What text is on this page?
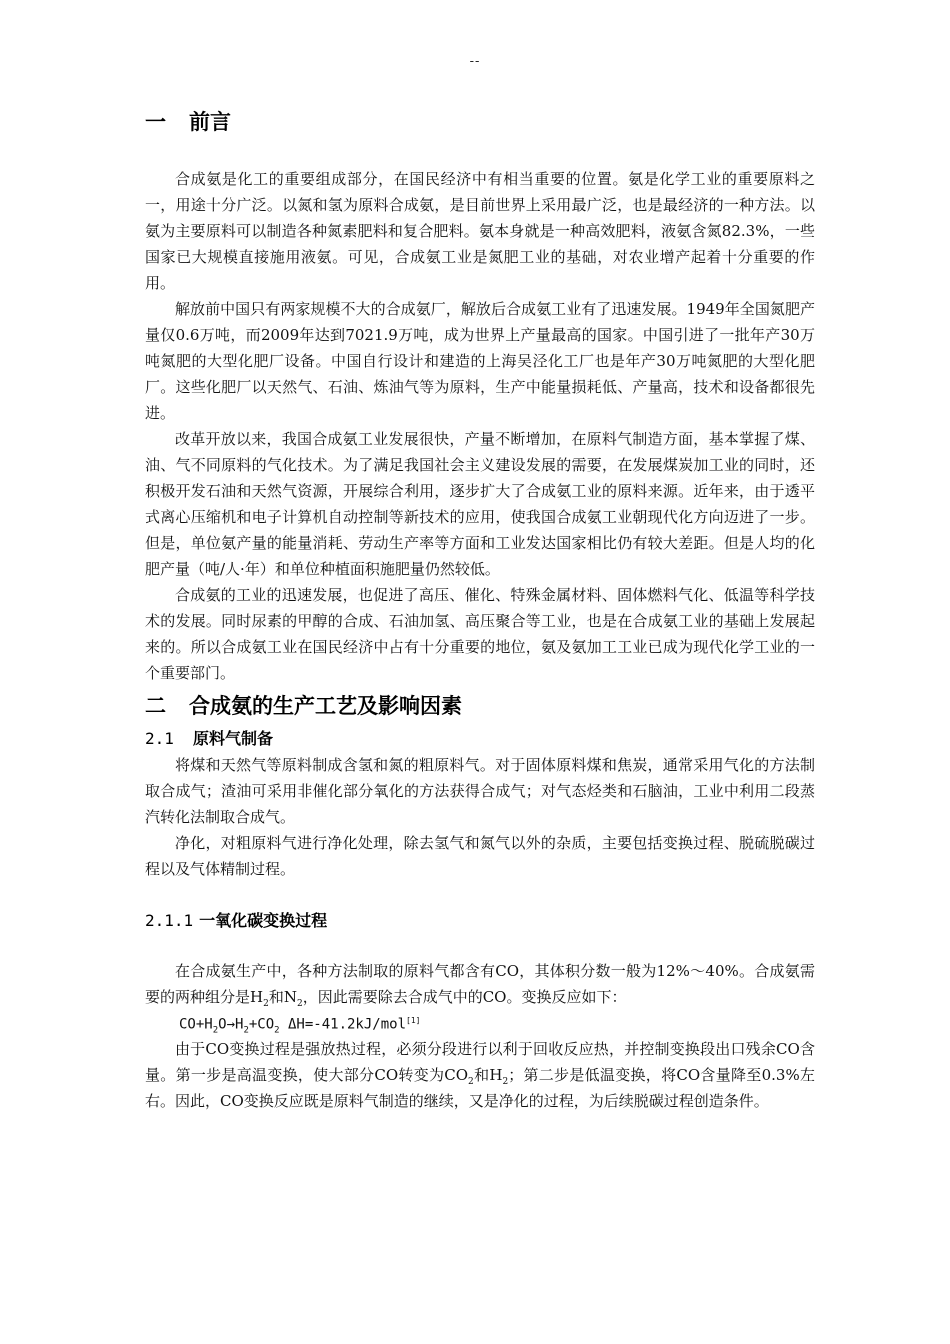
--
一 前言

合成氨是化工的重要组成部分，在国民经济中有相当重要的位置。氨是化学工业的重要原料之一，用途十分广泛。以氮和氢为原料合成氨，是目前世界上采用最广泛，也是最经济的一种方法。以氨为主要原料可以制造各种氮素肥料和复合肥料。氨本身就是一种高效肥料，液氨含氮82.3%，一些国家已大规模直接施用液氨。可见，合成氨工业是氮肥工业的基础，对农业增产起着十分重要的作用。

解放前中国只有两家规模不大的合成氨厂，解放后合成氨工业有了迅速发展。1949年全国氮肥产量仅0.6万吨，而2009年达到7021.9万吨，成为世界上产量最高的国家。中国引进了一批年产30万吨氮肥的大型化肥厂设备。中国自行设计和建造的上海吴泾化工厂也是年产30万吨氮肥的大型化肥厂。这些化肥厂以天然气、石油、炼油气等为原料，生产中能量损耗低、产量高，技术和设备都很先进。

改革开放以来，我国合成氨工业发展很快，产量不断增加，在原料气制造方面，基本掌握了煤、油、气不同原料的气化技术。为了满足我国社会主义建设发展的需要，在发展煤炭加工业的同时，还积极开发石油和天然气资源，开展综合利用，逐步扩大了合成氨工业的原料来源。近年来，由于透平式离心压缩机和电子计算机自动控制等新技术的应用，使我国合成氨工业朝现代化方向迈进了一步。但是，单位氨产量的能量消耗、劳动生产率等方面和工业发达国家相比仍有较大差距。但是人均的化肥产量（吨/人·年）和单位种植面积施肥量仍然较低。

合成氨的工业的迅速发展，也促进了高压、催化、特殊金属材料、固体燃料气化、低温等科学技术的发展。同时尿素的甲醇的合成、石油加氢、高压聚合等工业，也是在合成氨工业的基础上发展起来的。所以合成氨工业在国民经济中占有十分重要的地位，氨及氨加工工业已成为现代化学工业的一个重要部门。

二 合成氨的生产工艺及影响因素
2.1 原料气制备

将煤和天然气等原料制成含氢和氮的粗原料气。对于固体原料煤和焦炭，通常采用气化的方法制取合成气；渣油可采用非催化部分氧化的方法获得合成气；对气态烃类和石脑油，工业中利用二段蒸汽转化法制取合成气。

净化，对粗原料气进行净化处理，除去氢气和氮气以外的杂质，主要包括变换过程、脱硫脱碳过程以及气体精制过程。

2.1.1 一氧化碳变换过程

在合成氨生产中，各种方法制取的原料气都含有CO，其体积分数一般为12%～40%。合成氨需要的两种组分是$H_2$和$N_2$，因此需要除去合成气中的CO。变换反应如下：

$CO+H_2O\to H_2+CO_2$ ΔH=-41.2kJ/mol[1]

由于CO变换过程是强放热过程，必须分段进行以利于回收反应热，并控制变换段出口残余CO含量。第一步是高温变换，使大部分CO转变为$CO_2$和$H_2$；第二步是低温变换，将CO含量降至0.3%左右。因此，CO变换反应既是原料气制造的继续，又是净化的过程，为后续脱碳过程创造条件。
